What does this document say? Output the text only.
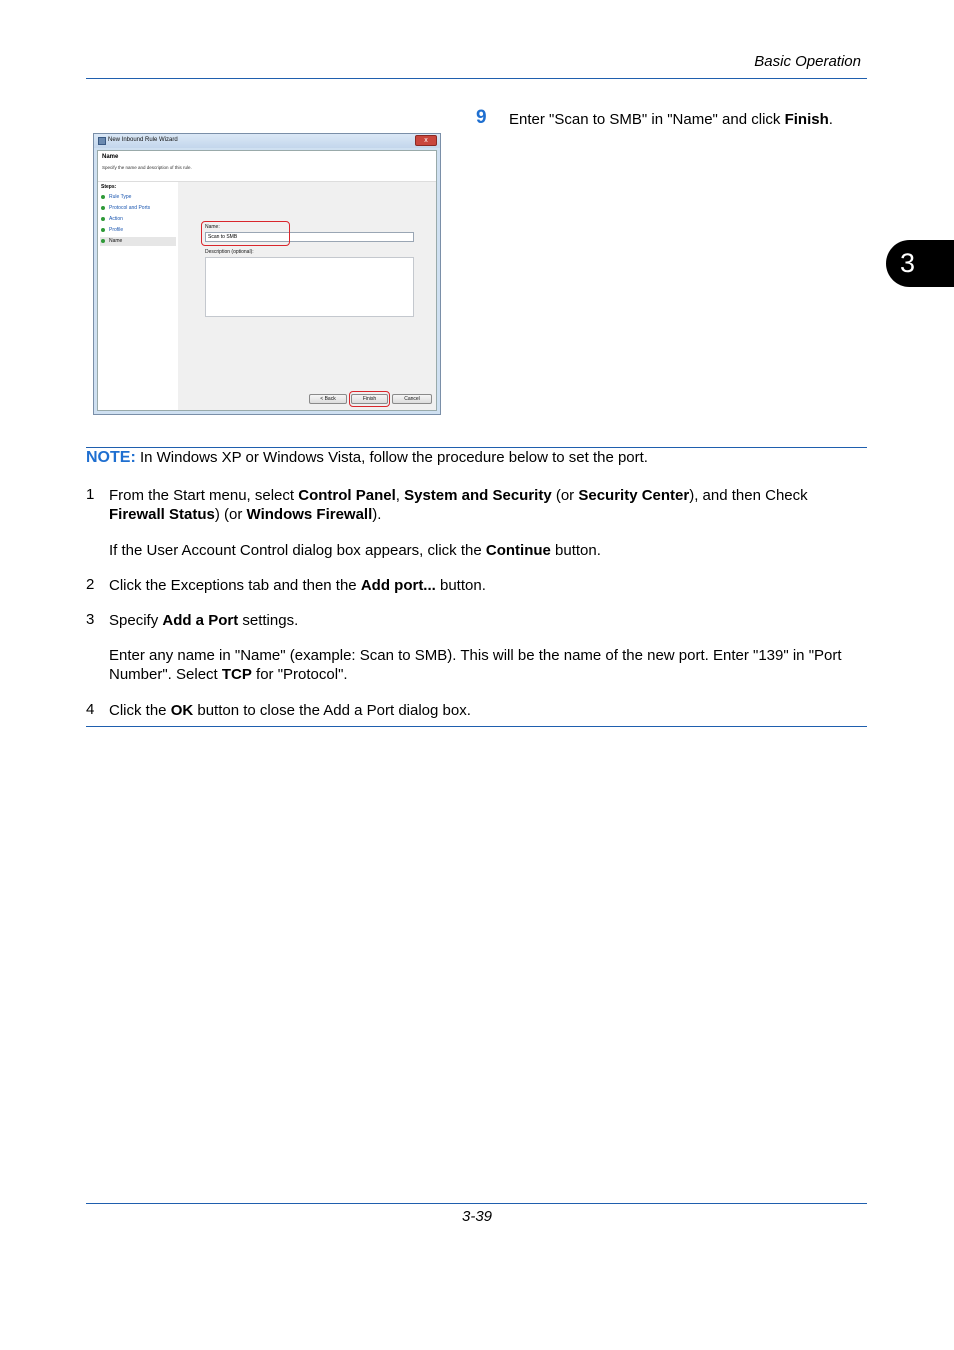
Basic Operation
3
9 Enter "Scan to SMB" in "Name" and click Finish.
New Inbound Rule Wizard	x
Name
Specify the name and description of this rule.
Steps:
Rule Type
Protocol and Ports
Action
Profile
Name
Name:
Scan to SMB
Description (optional):
< Back	Finish	Cancel
NOTE: In Windows XP or Windows Vista, follow the procedure below to set the port.
1 From the Start menu, select Control Panel, System and Security (or Security Center), and then Check Firewall Status) (or Windows Firewall).
If the User Account Control dialog box appears, click the Continue button.
2 Click the Exceptions tab and then the Add port... button.
3 Specify Add a Port settings.
Enter any name in "Name" (example: Scan to SMB). This will be the name of the new port. Enter "139" in "Port Number". Select TCP for "Protocol".
4 Click the OK button to close the Add a Port dialog box.
3-39
